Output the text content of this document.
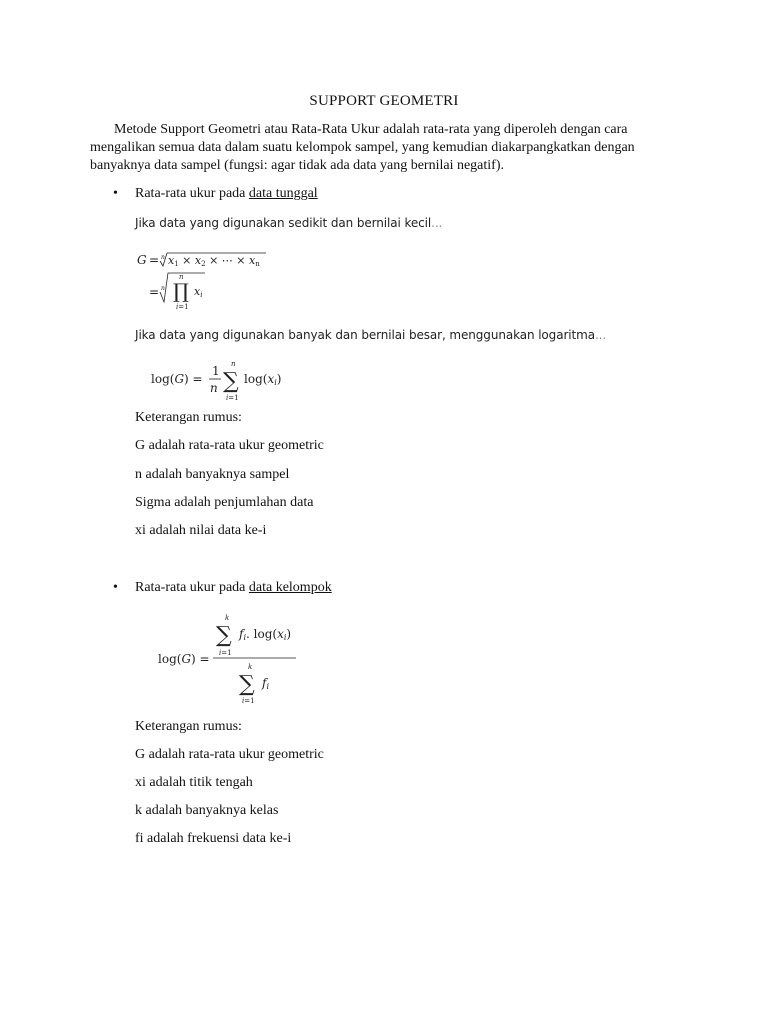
SUPPORT GEOMETRI
Metode Support Geometri atau Rata-Rata Ukur adalah rata-rata yang diperoleh dengan cara
mengalikan semua data dalam suatu kelompok sampel, yang kemudian diakarpangkatkan dengan
banyaknya data sampel (fungsi: agar tidak ada data yang bernilai negatif).
• Rata-rata ukur pada data tunggal
Jika data yang digunakan sedikit dan bernilai kecil...
G = n x1 × x2 × ⋯ × xn
= n
n
∏
i=1
xi
Jika data yang digunakan banyak dan bernilai besar, menggunakan logaritma...
log(G) =
1
n
n
∑
i=1
log(xi)
Keterangan rumus:
G adalah rata-rata ukur geometric
n adalah banyaknya sampel
Sigma adalah penjumlahan data
xi adalah nilai data ke-i
• Rata-rata ukur pada data kelompok
log(G) =
k
∑
i=1
fi. log(xi)
k
∑
i=1
fi
Keterangan rumus:
G adalah rata-rata ukur geometric
xi adalah titik tengah
k adalah banyaknya kelas
fi adalah frekuensi data ke-i
